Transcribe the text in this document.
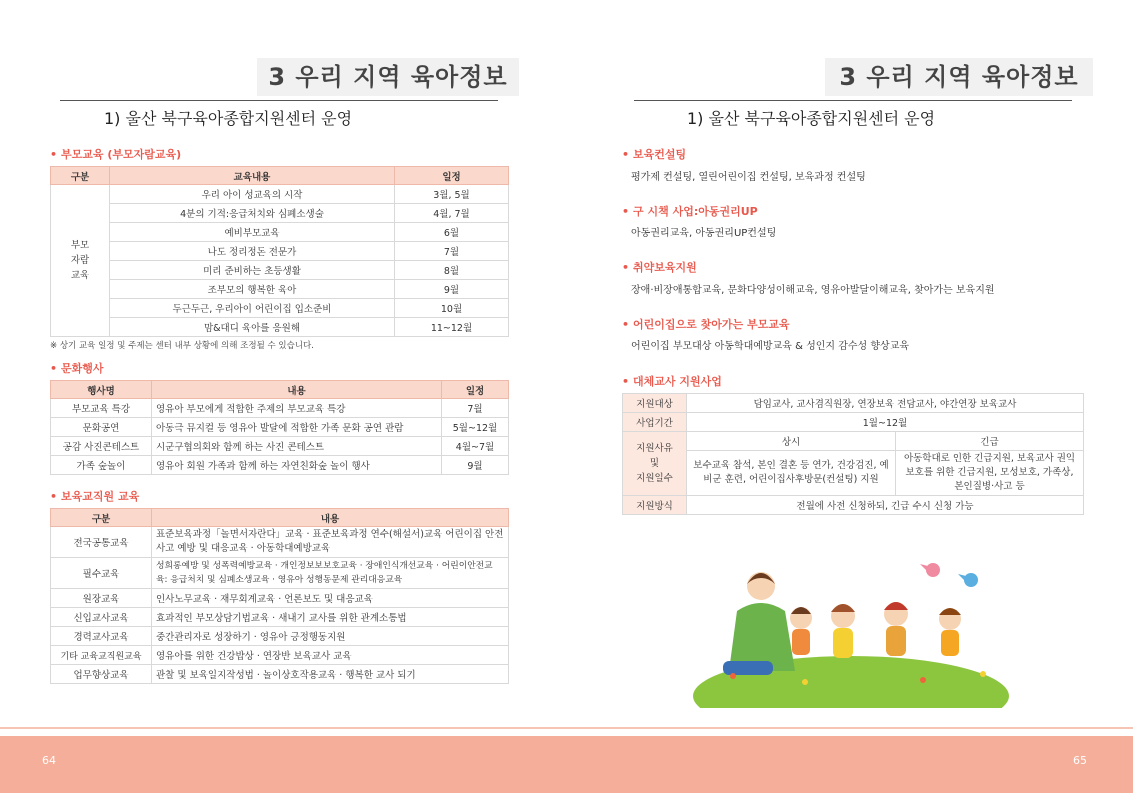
3 우리 지역 육아정보
1) 울산 북구육아종합지원센터 운영
• 부모교육 (부모자람교육)
구분	교육내용	일정
부모
자람
교육	우리 아이 성교육의 시작	3월, 5월
	4분의 기적:응급처치와 심폐소생술	4월, 7월
	예비부모교육	6월
	나도 정리정돈 전문가	7월
	미리 준비하는 초등생활	8월
	조부모의 행복한 육아	9월
	두근두근, 우리아이 어린이집 입소준비	10월
	맘&대디 육아를 응원해	11~12월
※ 상기 교육 일정 및 주제는 센터 내부 상황에 의해 조정될 수 있습니다.
• 문화행사
행사명	내용	일정
부모교육 특강	영유아 부모에게 적합한 주제의 부모교육 특강	7월
문화공연	아동극 뮤지컬 등 영유아 발달에 적합한 가족 문화 공연 관람	5월~12월
공감 사진콘테스트	시군구협의회와 함께 하는 사진 콘테스트	4월~7월
가족 숲놀이	영유아 회원 가족과 함께 하는 자연친화숲 놀이 행사	9월
• 보육교직원 교육
구분	내용
전국공통교육	표준보육과정「놀면서자란다」교육 · 표준보육과정 연수(해설서)교육 어린이집 안전사고 예방 및 대응교육 · 아동학대예방교육
필수교육	성희롱예방 및 성폭력예방교육 · 개인정보보보호교육 · 장애인식개선교육 · 어린이안전교육: 응급처치 및 심폐소생교육 · 영유아 성행동문제 관리대응교육
원장교육	인사노무교육 · 재무회계교육 · 언론보도 및 대응교육
신입교사교육	효과적인 부모상담기법교육 · 새내기 교사를 위한 관계소통법
경력교사교육	중간관리자로 성장하기 · 영유아 긍정행동지원
기타 교육교직원교육	영유아를 위한 건강밥상 · 연장반 보육교사 교육
업무향상교육	관찰 및 보육일지작성법 · 놀이상호작용교육 · 행복한 교사 되기
3 우리 지역 육아정보
1) 울산 북구육아종합지원센터 운영
• 보육컨설팅
평가제 컨설팅, 열린어린이집 컨설팅, 보육과정 컨설팅
• 구 시책 사업:아동권리UP
아동권리교육, 아동권리UP컨설팅
• 취약보육지원
장애·비장애통합교육, 문화다양성이해교육, 영유아발달이해교육, 찾아가는 보육지원
• 어린이집으로 찾아가는 부모교육
어린이집 부모대상 아동학대예방교육 & 성인지 감수성 향상교육
• 대체교사 지원사업
지원대상	담임교사, 교사겸직원장, 연장보육 전담교사, 야간연장 보육교사	
사업기간	1월~12월	
지원사유
및
지원일수	상시	긴급
	보수교육 참석, 본인 결혼 등 연가, 건강검진, 예비군 훈련, 어린이집사후방문(컨설팅) 지원	아동학대로 인한 긴급지원, 보육교사 권익보호를 위한 긴급지원, 모성보호, 가족상, 본인질병·사고 등
지원방식	전월에 사전 신청하되, 긴급 수시 신청 가능	
64	65
